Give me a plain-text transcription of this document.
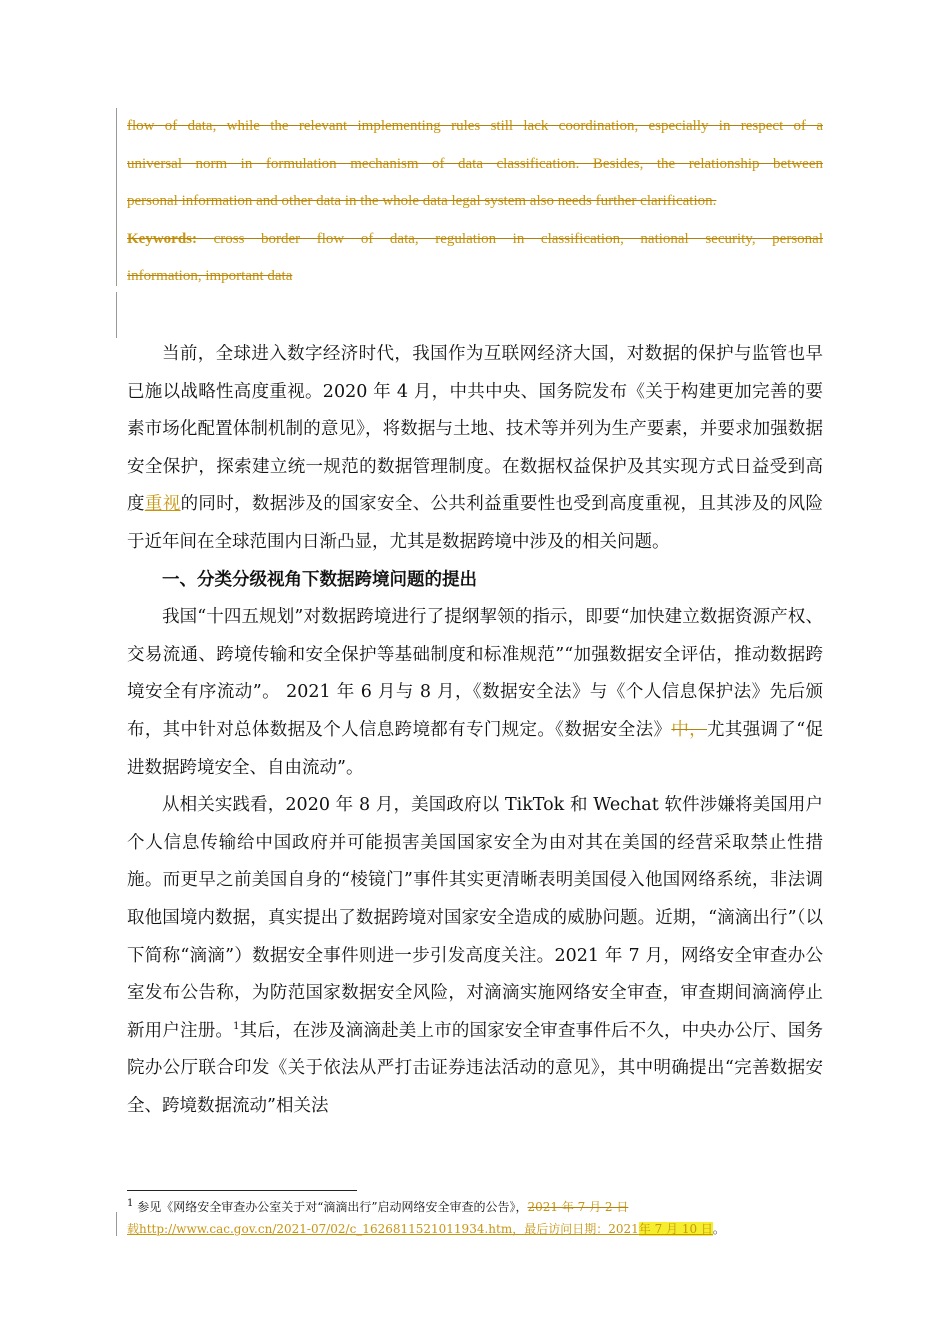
flow of data, while the relevant implementing rules still lack coordination, especially in respect of a

universal norm in formulation mechanism of data classification. Besides, the relationship between

personal information and other data in the whole data legal system also needs further clarification.

Keywords: cross border flow of data, regulation in classification, national security, personal

information, important data

当前，全球进入数字经济时代，我国作为互联网经济大国，对数据的保护与监管也早已施以战略性高度重视。2020 年 4 月，中共中央、国务院发布《关于构建更加完善的要素市场化配置体制机制的意见》，将数据与土地、技术等并列为生产要素，并要求加强数据安全保护，探索建立统一规范的数据管理制度。在数据权益保护及其实现方式日益受到高度重视的同时，数据涉及的国家安全、公共利益重要性也受到高度重视，且其涉及的风险于近年间在全球范围内日渐凸显，尤其是数据跨境中涉及的相关问题。

一、分类分级视角下数据跨境问题的提出

我国“十四五规划”对数据跨境进行了提纲挈领的指示，即要“加快建立数据资源产权、交易流通、跨境传输和安全保护等基础制度和标准规范”“加强数据安全评估，推动数据跨境安全有序流动”。 2021 年 6 月与 8 月，《数据安全法》与《个人信息保护法》先后颁布，其中针对总体数据及个人信息跨境都有专门规定。《数据安全法》中，尤其强调了“促进数据跨境安全、自由流动”。

从相关实践看，2020 年 8 月，美国政府以 TikTok 和 Wechat 软件涉嫌将美国用户个人信息传输给中国政府并可能损害美国国家安全为由对其在美国的经营采取禁止性措施。而更早之前美国自身的“棱镜门”事件其实更清晰表明美国侵入他国网络系统，非法调取他国境内数据，真实提出了数据跨境对国家安全造成的威胁问题。近期，“滴滴出行”（以下简称“滴滴”）数据安全事件则进一步引发高度关注。2021 年 7 月，网络安全审查办公室发布公告称，为防范国家数据安全风险，对滴滴实施网络安全审查，审查期间滴滴停止新用户注册。$^1$其后，在涉及滴滴赴美上市的国家安全审查事件后不久，中央办公厅、国务院办公厅联合印发《关于依法从严打击证券违法活动的意见》，其中明确提出“完善数据安全、跨境数据流动”相关法

$^1$ 参见《网络安全审查办公室关于对“滴滴出行”启动网络安全审查的公告》，2021 年 7 月 2 日

载http://www.cac.gov.cn/2021-07/02/c_1626811521011934.htm，最后访问日期：2021年 7 月 10 日。
